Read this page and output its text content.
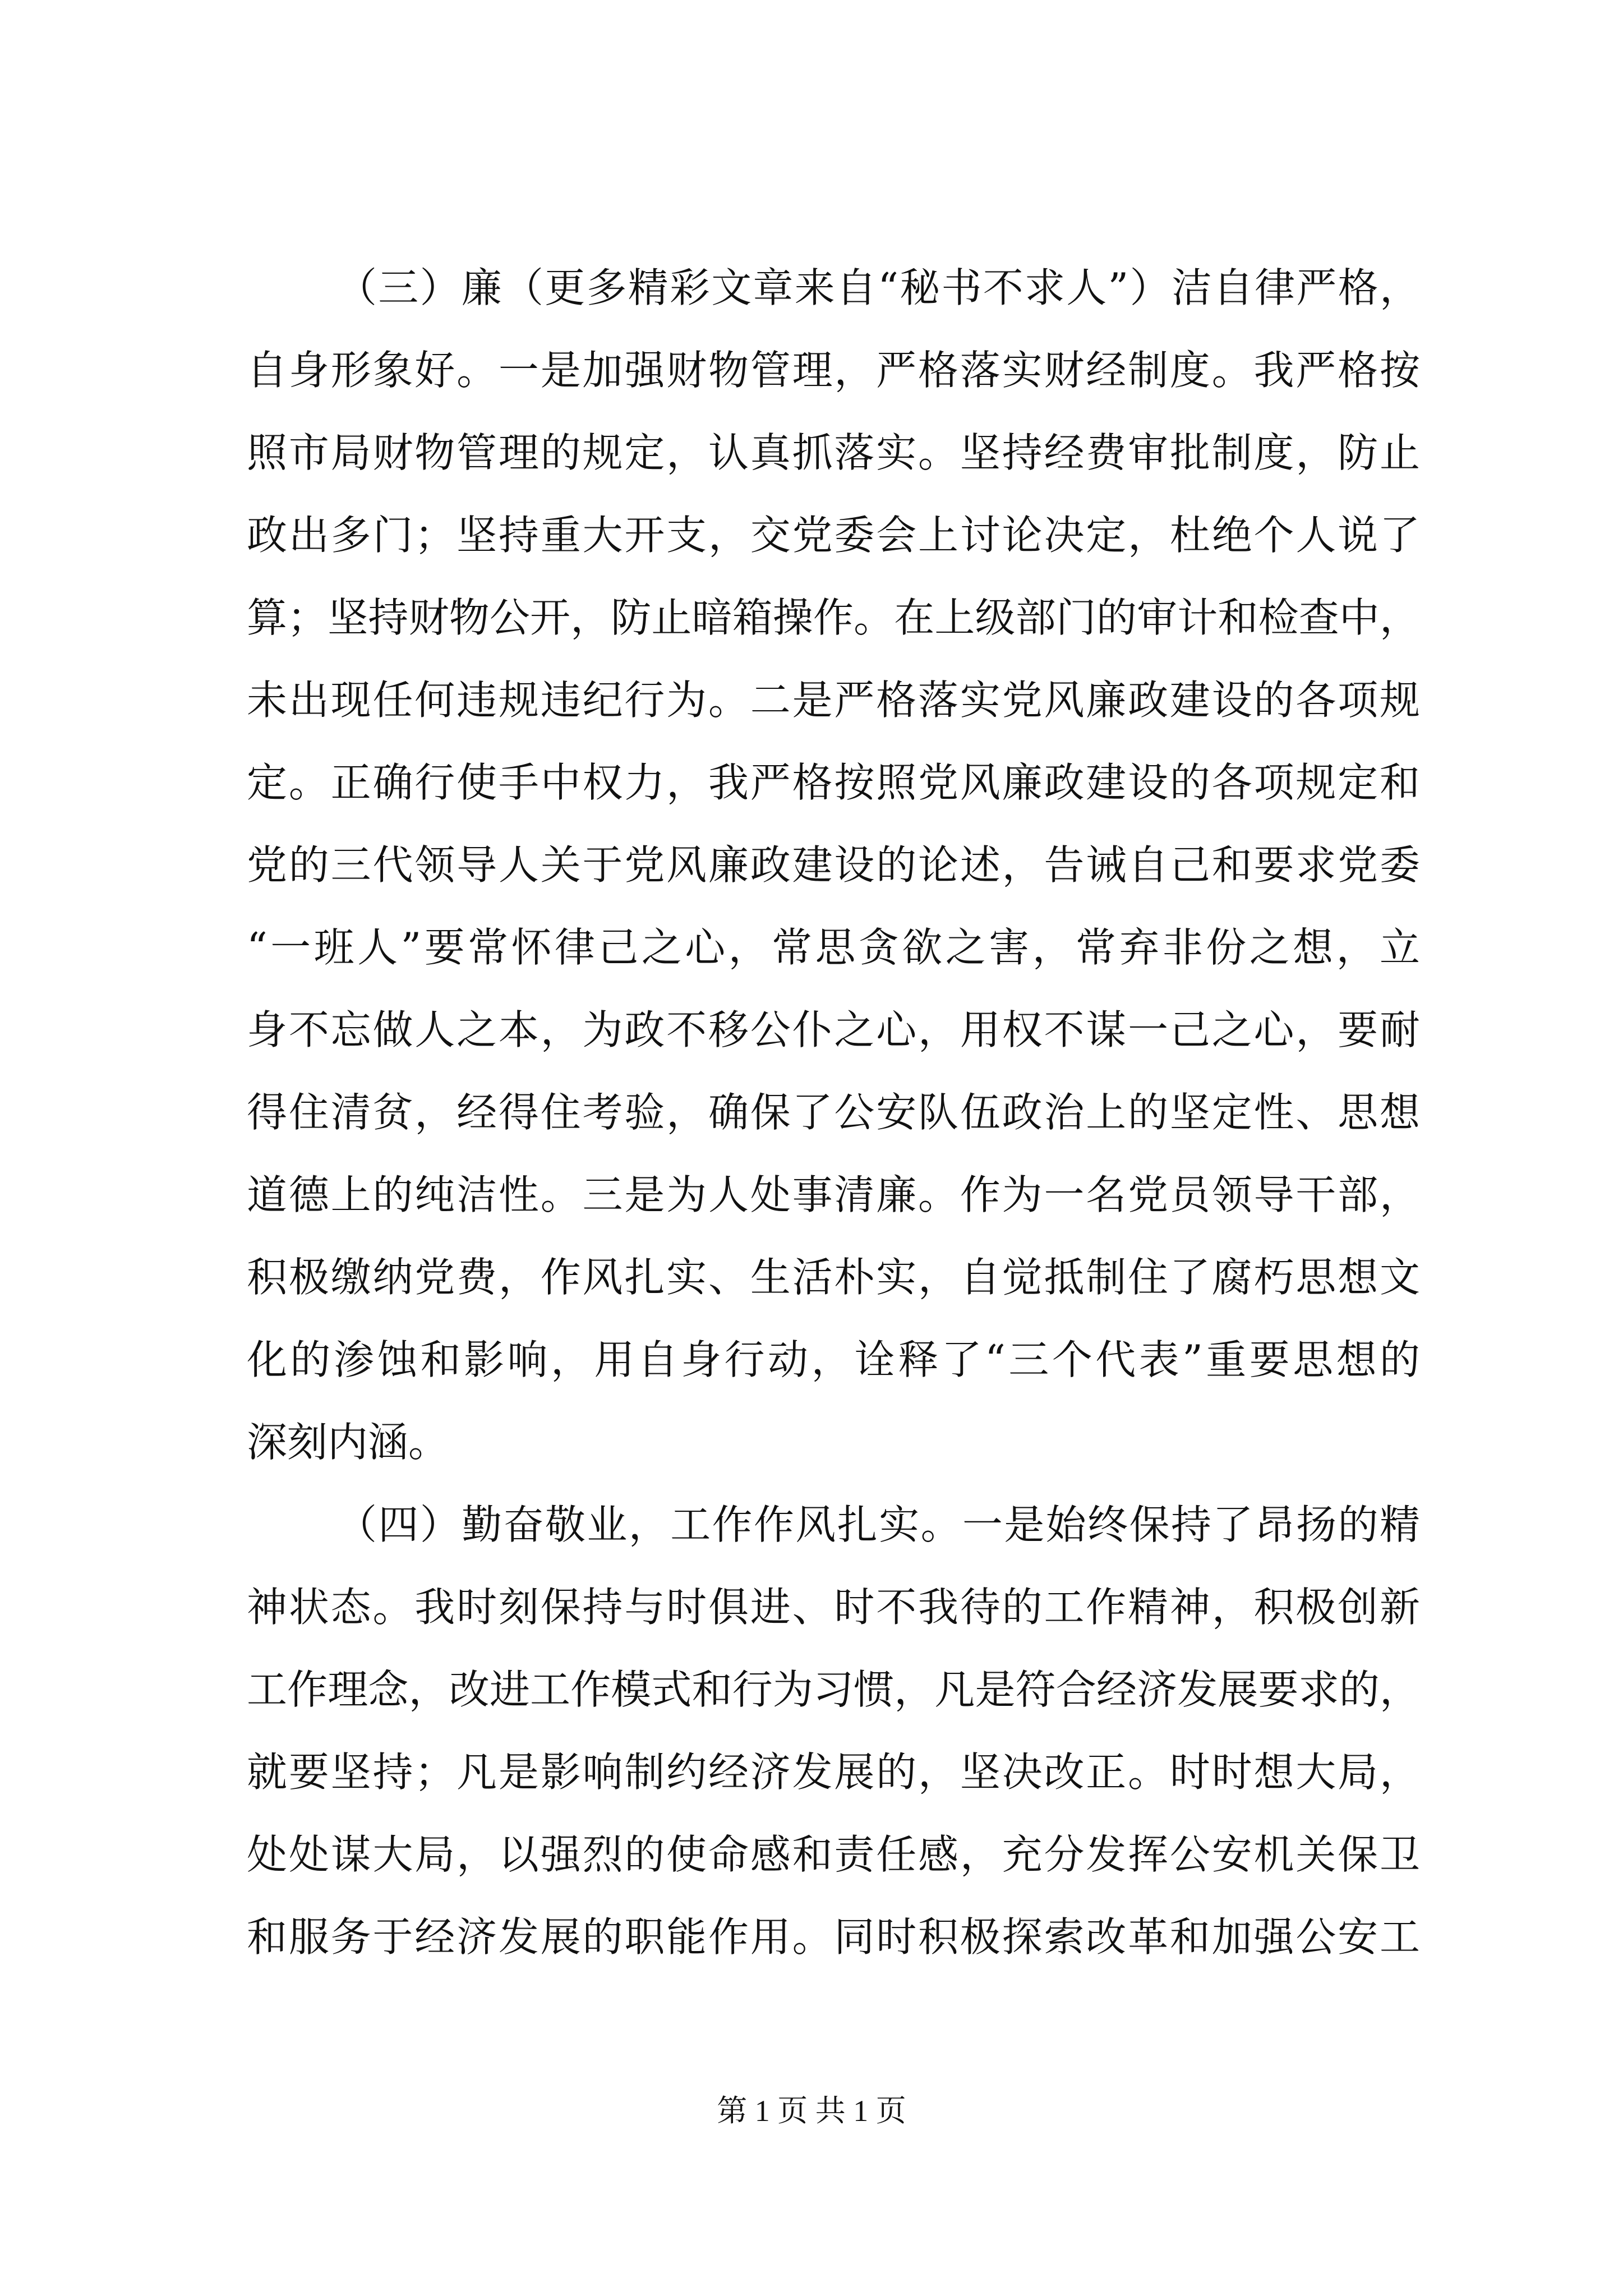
（三）廉（更多精彩文章来自“秘书不求人”）洁自律严格，
自身形象好。一是加强财物管理，严格落实财经制度。我严格按
照市局财物管理的规定，认真抓落实。坚持经费审批制度，防止
政出多门；坚持重大开支，交党委会上讨论决定，杜绝个人说了
算；坚持财物公开，防止暗箱操作。在上级部门的审计和检查中，
未出现任何违规违纪行为。二是严格落实党风廉政建设的各项规
定。正确行使手中权力，我严格按照党风廉政建设的各项规定和
党的三代领导人关于党风廉政建设的论述，告诫自己和要求党委
“一班人”要常怀律己之心，常思贪欲之害，常弃非份之想，立
身不忘做人之本，为政不移公仆之心，用权不谋一己之心，要耐
得住清贫，经得住考验，确保了公安队伍政治上的坚定性、思想
道德上的纯洁性。三是为人处事清廉。作为一名党员领导干部，
积极缴纳党费，作风扎实、生活朴实，自觉抵制住了腐朽思想文
化的渗蚀和影响，用自身行动，诠释了“三个代表”重要思想的
深刻内涵。
（四）勤奋敬业，工作作风扎实。一是始终保持了昂扬的精
神状态。我时刻保持与时俱进、时不我待的工作精神，积极创新
工作理念，改进工作模式和行为习惯，凡是符合经济发展要求的，
就要坚持；凡是影响制约经济发展的，坚决改正。时时想大局，
处处谋大局，以强烈的使命感和责任感，充分发挥公安机关保卫
和服务于经济发展的职能作用。同时积极探索改革和加强公安工
第 1 页 共 1 页
